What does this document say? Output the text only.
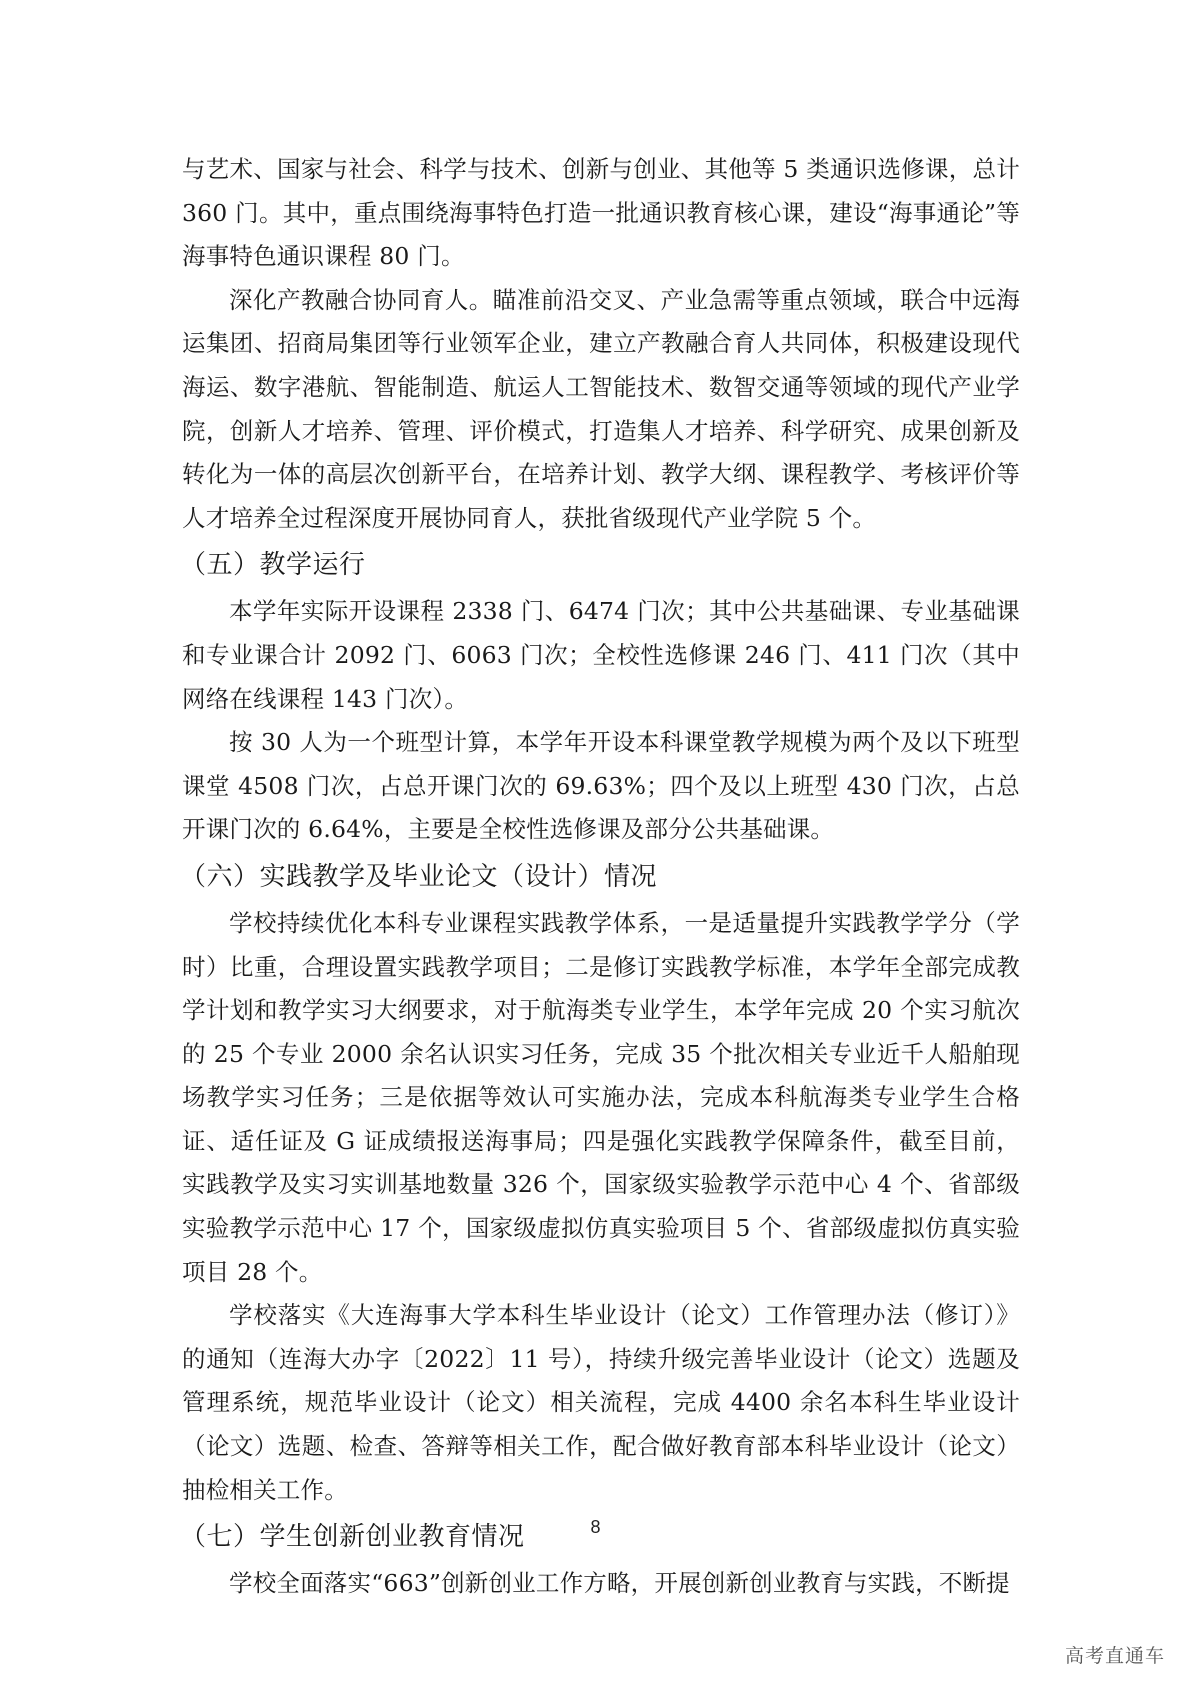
与艺术、国家与社会、科学与技术、创新与创业、其他等 5 类通识选修课，总计 360 门。其中，重点围绕海事特色打造一批通识教育核心课，建设“海事通论”等海事特色通识课程 80 门。

深化产教融合协同育人。瞄准前沿交叉、产业急需等重点领域，联合中远海运集团、招商局集团等行业领军企业，建立产教融合育人共同体，积极建设现代海运、数字港航、智能制造、航运人工智能技术、数智交通等领域的现代产业学院，创新人才培养、管理、评价模式，打造集人才培养、科学研究、成果创新及转化为一体的高层次创新平台，在培养计划、教学大纲、课程教学、考核评价等人才培养全过程深度开展协同育人，获批省级现代产业学院 5 个。

（五）教学运行

本学年实际开设课程 2338 门、6474 门次；其中公共基础课、专业基础课和专业课合计 2092 门、6063 门次；全校性选修课 246 门、411 门次（其中网络在线课程 143 门次）。

按 30 人为一个班型计算，本学年开设本科课堂教学规模为两个及以下班型课堂 4508 门次，占总开课门次的 69.63%；四个及以上班型 430 门次，占总开课门次的 6.64%，主要是全校性选修课及部分公共基础课。

（六）实践教学及毕业论文（设计）情况

学校持续优化本科专业课程实践教学体系，一是适量提升实践教学学分（学时）比重，合理设置实践教学项目；二是修订实践教学标准，本学年全部完成教学计划和教学实习大纲要求，对于航海类专业学生，本学年完成 20 个实习航次的 25 个专业 2000 余名认识实习任务，完成 35 个批次相关专业近千人船舶现场教学实习任务；三是依据等效认可实施办法，完成本科航海类专业学生合格证、适任证及 G 证成绩报送海事局；四是强化实践教学保障条件，截至目前，实践教学及实习实训基地数量 326 个，国家级实验教学示范中心 4 个、省部级实验教学示范中心 17 个，国家级虚拟仿真实验项目 5 个、省部级虚拟仿真实验项目 28 个。

学校落实《大连海事大学本科生毕业设计（论文）工作管理办法（修订）》的通知（连海大办字〔2022〕11 号），持续升级完善毕业设计（论文）选题及管理系统，规范毕业设计（论文）相关流程，完成 4400 余名本科生毕业设计（论文）选题、检查、答辩等相关工作，配合做好教育部本科毕业设计（论文）抽检相关工作。

（七）学生创新创业教育情况

学校全面落实“663”创新创业工作方略，开展创新创业教育与实践，不断提

8
高考直通车
